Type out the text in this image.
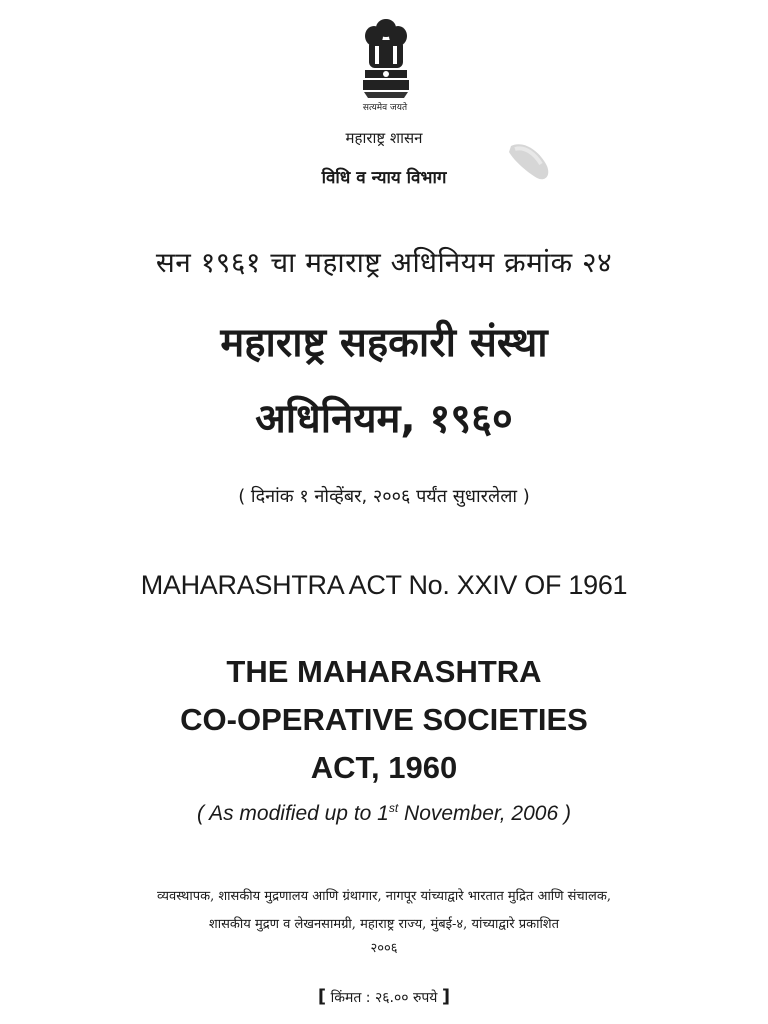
सत्यमेव जयते
महाराष्ट्र शासन
विधि व न्याय विभाग
सन १९६१ चा महाराष्ट्र अधिनियम क्रमांक २४
महाराष्ट्र सहकारी संस्था
अधिनियम, १९६०
( दिनांक १ नोव्हेंबर, २००६ पर्यंत सुधारलेला )
MAHARASHTRA ACT No. XXIV OF 1961
THE MAHARASHTRA
CO-OPERATIVE SOCIETIES
ACT, 1960
( As modified up to 1st November, 2006 )
व्यवस्थापक, शासकीय मुद्रणालय आणि ग्रंथागार, नागपूर यांच्याद्वारे भारतात मुद्रित आणि संचालक,
शासकीय मुद्रण व लेखनसामग्री, महाराष्ट्र राज्य, मुंबई-४, यांच्याद्वारे प्रकाशित
२००६
[ किंमत : २६.०० रुपये ]
